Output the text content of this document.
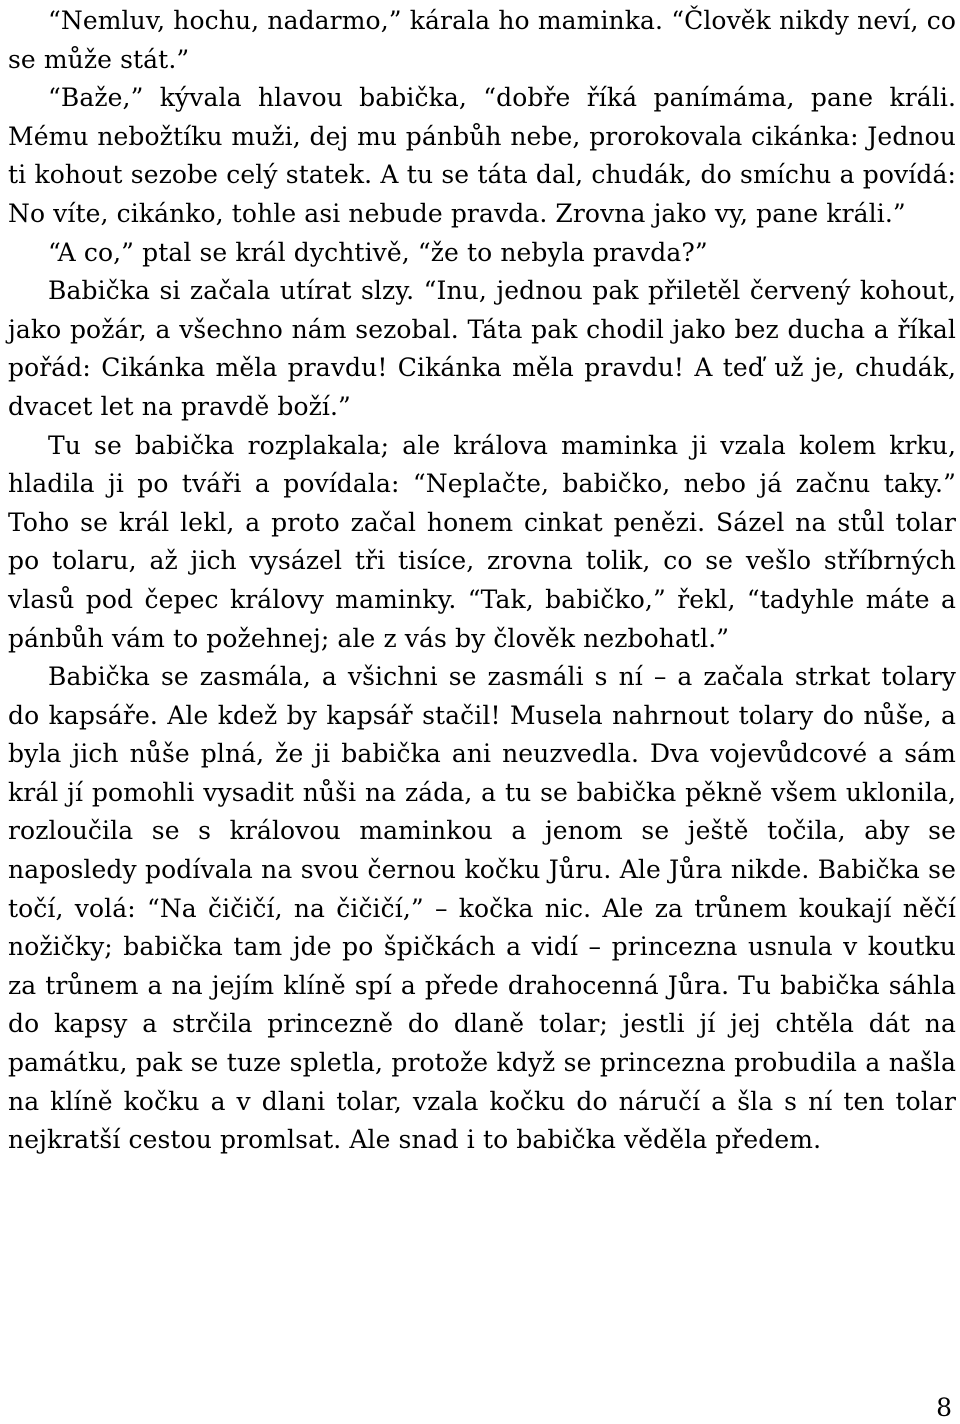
“Nemluv, hochu, nadarmo,” kárala ho maminka. “Člověk nikdy neví, co se může stát.”

“Bažе,” kývala hlavou babička, “dobře říká panímáma, pane králi. Mému nebožtíku muži, dej mu pánbůh nebe, prorokovala cikánka: Jednou ti kohout sezobe celý statek. A tu se táta dal, chudák, do smíchu a povídá: No víte, cikánko, tohle asi nebude pravda. Zrovna jako vy, pane králi.”

“A co,” ptal se král dychtivě, “že to nebyla pravda?”

Babička si začala utírat slzy. “Inu, jednou pak přiletěl červený kohout, jako požár, a všechno nám sezobal. Táta pak chodil jako bez ducha a říkal pořád: Cikánka měla pravdu! Cikánka měla pravdu! A teď už je, chudák, dvacet let na pravdě boží.”

Tu se babička rozplakala; ale králova maminka ji vzala kolem krku, hladila ji po tváři a povídala: “Neplačte, babičko, nebo já začnu taky.” Toho se král lekl, a proto začal honem cinkat penězi. Sázel na stůl tolar po tolaru, až jich vysázel tři tisíce, zrovna tolik, co se vešlo stříbrných vlasů pod čepec královy maminky. “Tak, babičko,” řekl, “tadyhle máte a pánbůh vám to požehnej; ale z vás by člověk nezbohatl.”

Babička se zasmála, a všichni se zasmáli s ní – a začala strkat tolary do kapsáře. Ale kdež by kapsář stačil! Musela nahrnout tolary do nůše, a byla jich nůše plná, že ji babička ani neuzvedla. Dva vojevůdcové a sám král jí pomohli vysadit nůši na záda, a tu se babička pěkně všem uklonila, rozloučila se s královou maminkou a jenom se ještě točila, aby se naposledy podívala na svou černou kočku Jůru. Ale Jůra nikde. Babička se točí, volá: “Na čičičí, na čičičí,” – kočka nic. Ale za trůnem koukají něčí nožičky; babička tam jde po špičkách a vidí – princezna usnula v koutku za trůnem a na jejím klíně spí a přede drahocenná Jůra. Tu babička sáhla do kapsy a strčila princezně do dlaně tolar; jestli jí jej chtěla dát na památku, pak se tuze spletla, protože když se princezna probudila a našla na klíně kočku a v dlani tolar, vzala kočku do náručí a šla s ní ten tolar nejkratší cestou promlsat. Ale snad i to babička věděla předem.

8
